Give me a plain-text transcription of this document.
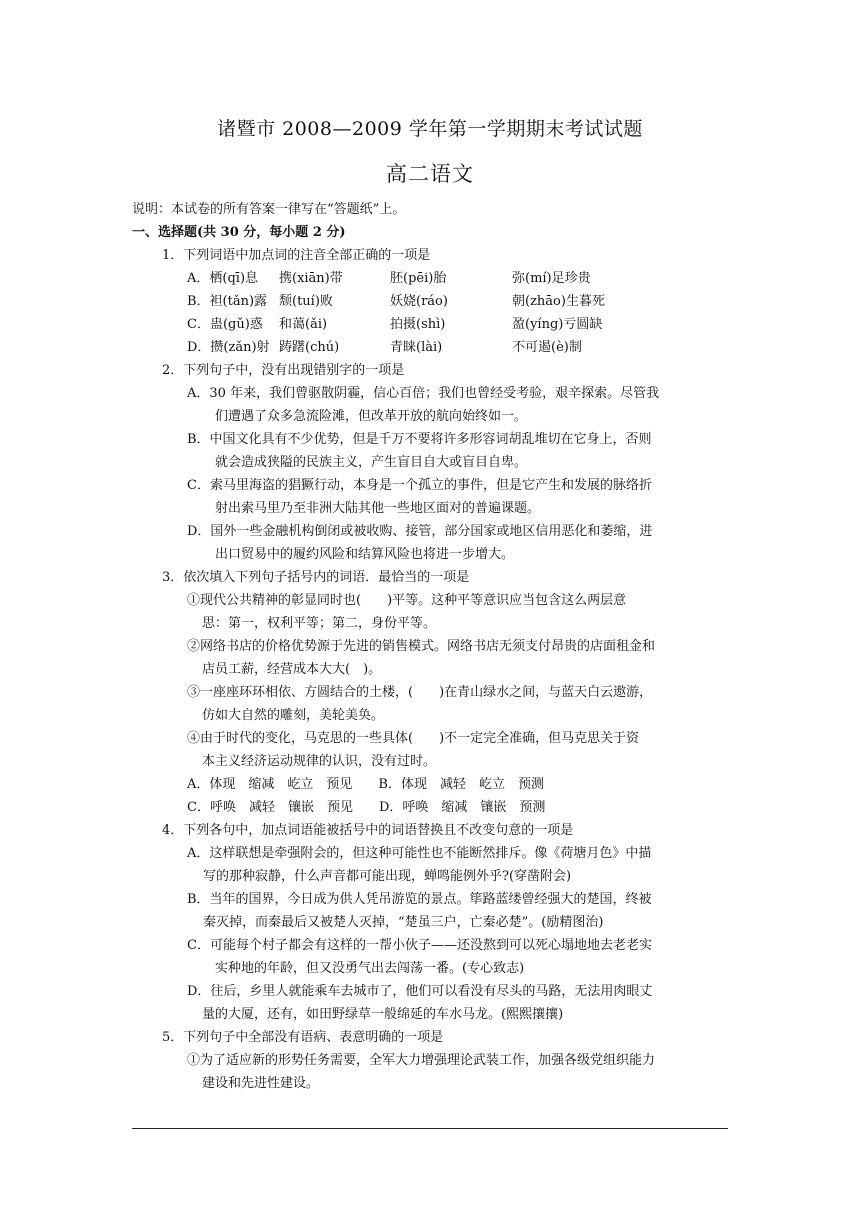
诸暨市 2008—2009 学年第一学期期末考试试题
高二语文

说明：本试卷的所有答案一律写在“答题纸”上。

一、选择题(共 30 分，每小题 2 分)

1．下列词语中加点词的注音全部正确的一项是

A．栖(qī)息 携(xiān)带	胚(pēi)胎	弥(mí)足珍贵

B．袒(tǎn)露 颓(tuí)败	妖娆(ráo)	朝(zhāo)生暮死

C．蛊(gǔ)惑 和蔼(ǎi)	拍摄(shì)	盈(yíng)亏圆缺

D．攒(zǎn)射 踌躇(chú)	青睐(lài)	不可遏(è)制

2．下列句子中，没有出现错别字的一项是

A．30 年来，我们曾驱散阴霾，信心百倍；我们也曾经受考验，艰辛探索。尽管我

们遭遇了众多急流险滩，但改革开放的航向始终如一。

B．中国文化具有不少优势，但是千万不要将许多形容词胡乱堆切在它身上，否则

就会造成狭隘的民族主义，产生盲目自大或盲目自卑。

C．索马里海盗的猖獗行动，本身是一个孤立的事件，但是它产生和发展的脉络折

射出索马里乃至非洲大陆其他一些地区面对的普遍课题。

D．国外一些金融机构倒闭或被收购、接管，部分国家或地区信用恶化和萎缩，进

出口贸易中的履约风险和结算风险也将进一步增大。

3．依次填入下列句子括号内的词语．最恰当的一项是

①现代公共精神的彰显同时也(　　)平等。这种平等意识应当包含这么两层意

思：第一，权利平等；第二，身份平等。

②网络书店的价格优势源于先进的销售模式。网络书店无须支付昂贵的店面租金和

店员工薪，经营成本大大(　)。

③一座座环环相依、方圆结合的土楼，(　　)在青山绿水之间，与蓝天白云遨游，

仿如大自然的雕刻，美轮美奂。

④由于时代的变化，马克思的一些具体(　　)不一定完全准确，但马克思关于资

本主义经济运动规律的认识，没有过时。

A．体现　缩减　屹立　预见　　B．体现　减轻　屹立　预测

C．呼唤　减轻　镶嵌　预见　　D．呼唤　缩减　镶嵌　预测

4．下列各句中，加点词语能被括号中的词语替换且不改变句意的一项是

A．这样联想是牵强附会的，但这种可能性也不能断然排斥。像《荷塘月色》中描

写的那种寂静，什么声音都可能出现，蝉鸣能例外乎?(穿凿附会)

B．当年的国界，今日成为供人凭吊游览的景点。筚路蓝缕曾经强大的楚国，终被

秦灭掉，而秦最后又被楚人灭掉，“楚虽三户，亡秦必楚”。(励精图治)

C．可能每个村子都会有这样的一帮小伙子——还没熬到可以死心塌地地去老老实

实种地的年龄，但又没勇气出去闯荡一番。(专心致志)

D．往后，乡里人就能乘车去城市了，他们可以看没有尽头的马路，无法用肉眼丈

量的大厦，还有，如田野绿草一般绵延的车水马龙。(熙熙攘攘)

5．下列句子中全部没有语病、表意明确的一项是

①为了适应新的形势任务需要，全军大力增强理论武装工作，加强各级党组织能力

建设和先进性建设。
